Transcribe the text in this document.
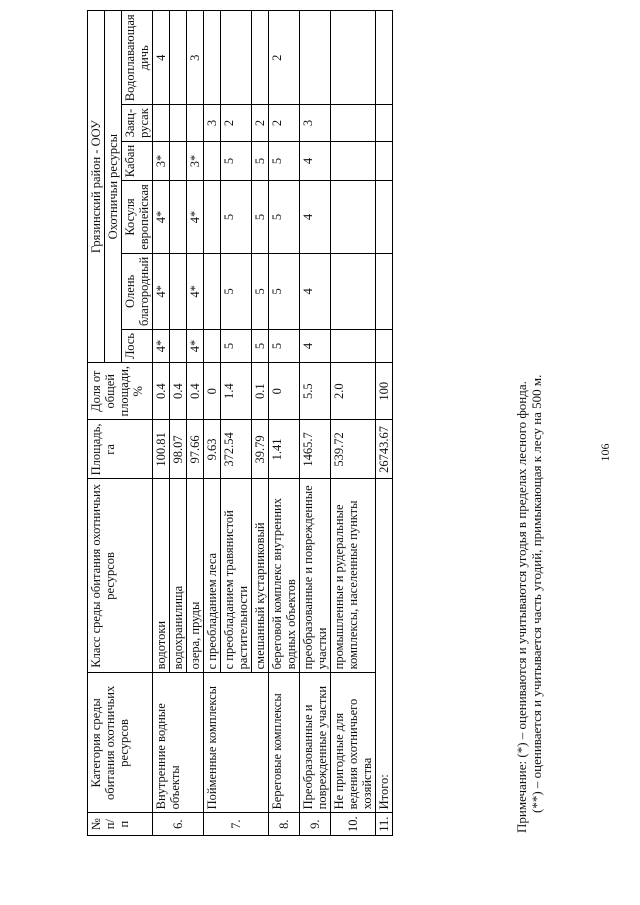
№ п/п	Категория среды обитания охотничьих ресурсов	Класс среды обитания охотничьих ресурсов	Площадь, га	Доля от общей площади, %	Грязинский район - ООУ					
					Охотничьи ресурсы					
					Лось	Олень благородный	Косуля европейская	Кабан	Заяц-русак	Водоплавающая дичь
6.	Внутренние водные объекты	водотоки	100.81	0.4	4*	4*	4*	3*		4
		водохранилища	98.07	0.4						
		озера, пруды	97.66	0.4	4*	4*	4*	3*		3
7.	Пойменные комплексы	с преобладанием леса	9.63	0					3	
		с преобладанием травянистой растительности	372.54	1.4	5	5	5	5	2	
		смешанный кустарниковый	39.79	0.1	5	5	5	5	2	
8.	Береговые комплексы	береговой комплекс внутренних водных объектов	1.41	0	5	5	5	5	2	2
9.	Преобразованные и поврежденные участки	преобразованные и поврежденные участки	1465.7	5.5	4	4	4	4	3	
10.	Не пригодные для ведения охотничьего хозяйства	промышленные и рудеральные комплексы, населенные пункты	539.72	2.0						
11.	Итого:		26743.67	100							Примечание: (*) – оцениваются и учитываются угодья в пределах лесного фонда. (**) – оценивается и учитывается часть угодий, примыкающая к лесу на 500 м.	106
